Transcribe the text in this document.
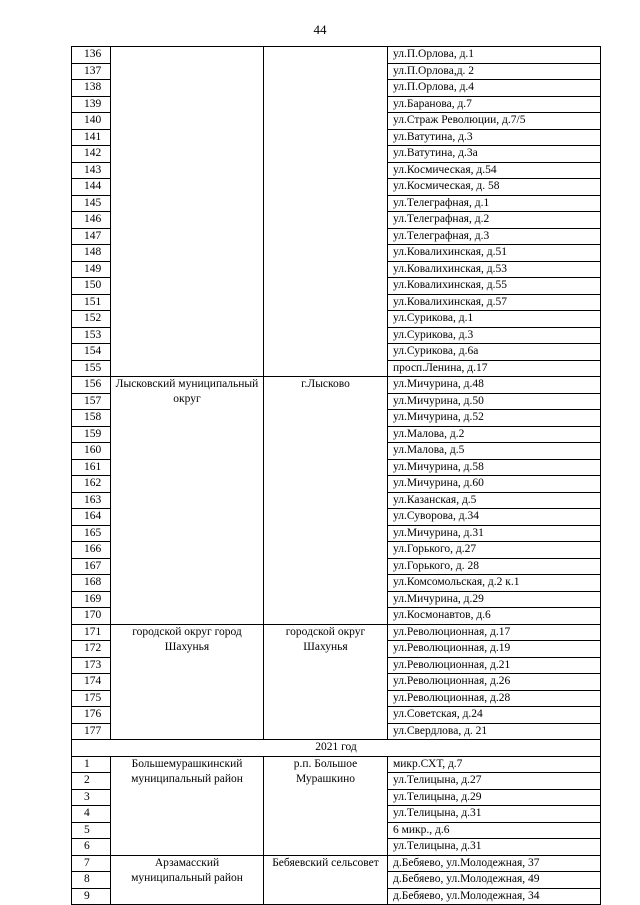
44
136			ул.П.Орлова, д.1
137			ул.П.Орлова,д. 2
138			ул.П.Орлова, д.4
139			ул.Баранова, д.7
140			ул.Страж Революции, д.7/5
141			ул.Ватутина, д.3
142			ул.Ватутина, д.3а
143			ул.Космическая, д.54
144			ул.Космическая, д. 58
145			ул.Телеграфная, д.1
146			ул.Телеграфная, д.2
147			ул.Телеграфная, д.3
148			ул.Ковалихинская, д.51
149			ул.Ковалихинская, д.53
150			ул.Ковалихинская, д.55
151			ул.Ковалихинская, д.57
152			ул.Сурикова, д.1
153			ул.Сурикова, д.3
154			ул.Сурикова, д.6а
155			просп.Ленина, д.17
156	Лысковский муниципальный округ	г.Лысково	ул.Мичурина, д.48
157			ул.Мичурина, д.50
158			ул.Мичурина, д.52
159			ул.Малова, д.2
160			ул.Малова, д.5
161			ул.Мичурина, д.58
162			ул.Мичурина, д.60
163			ул.Казанская, д.5
164			ул.Суворова, д.34
165			ул.Мичурина, д.31
166			ул.Горького, д.27
167			ул.Горького, д. 28
168			ул.Комсомольская, д.2 к.1
169			ул.Мичурина, д.29
170			ул.Космонавтов, д.6
171	городской округ город Шахунья	городской округ Шахунья	ул.Революционная, д.17
172			ул.Революционная, д.19
173			ул.Революционная, д.21
174			ул.Революционная, д.26
175			ул.Революционная, д.28
176			ул.Советская, д.24
177			ул.Свердлова, д. 21
2021 год			
1	Большемурашкинский муниципальный район	р.п. Большое Мурашкино	микр.СХТ, д.7
2			ул.Телицына, д.27
3			ул.Телицына, д.29
4			ул.Телицына, д.31
5			6 микр., д.6
6			ул.Телицына, д.31
7	Арзамасский муниципальный район	Бебяевский сельсовет	д.Бебяево, ул.Молодежная, 37
8			д.Бебяево, ул.Молодежная, 49
9			д.Бебяево, ул.Молодежная, 34
